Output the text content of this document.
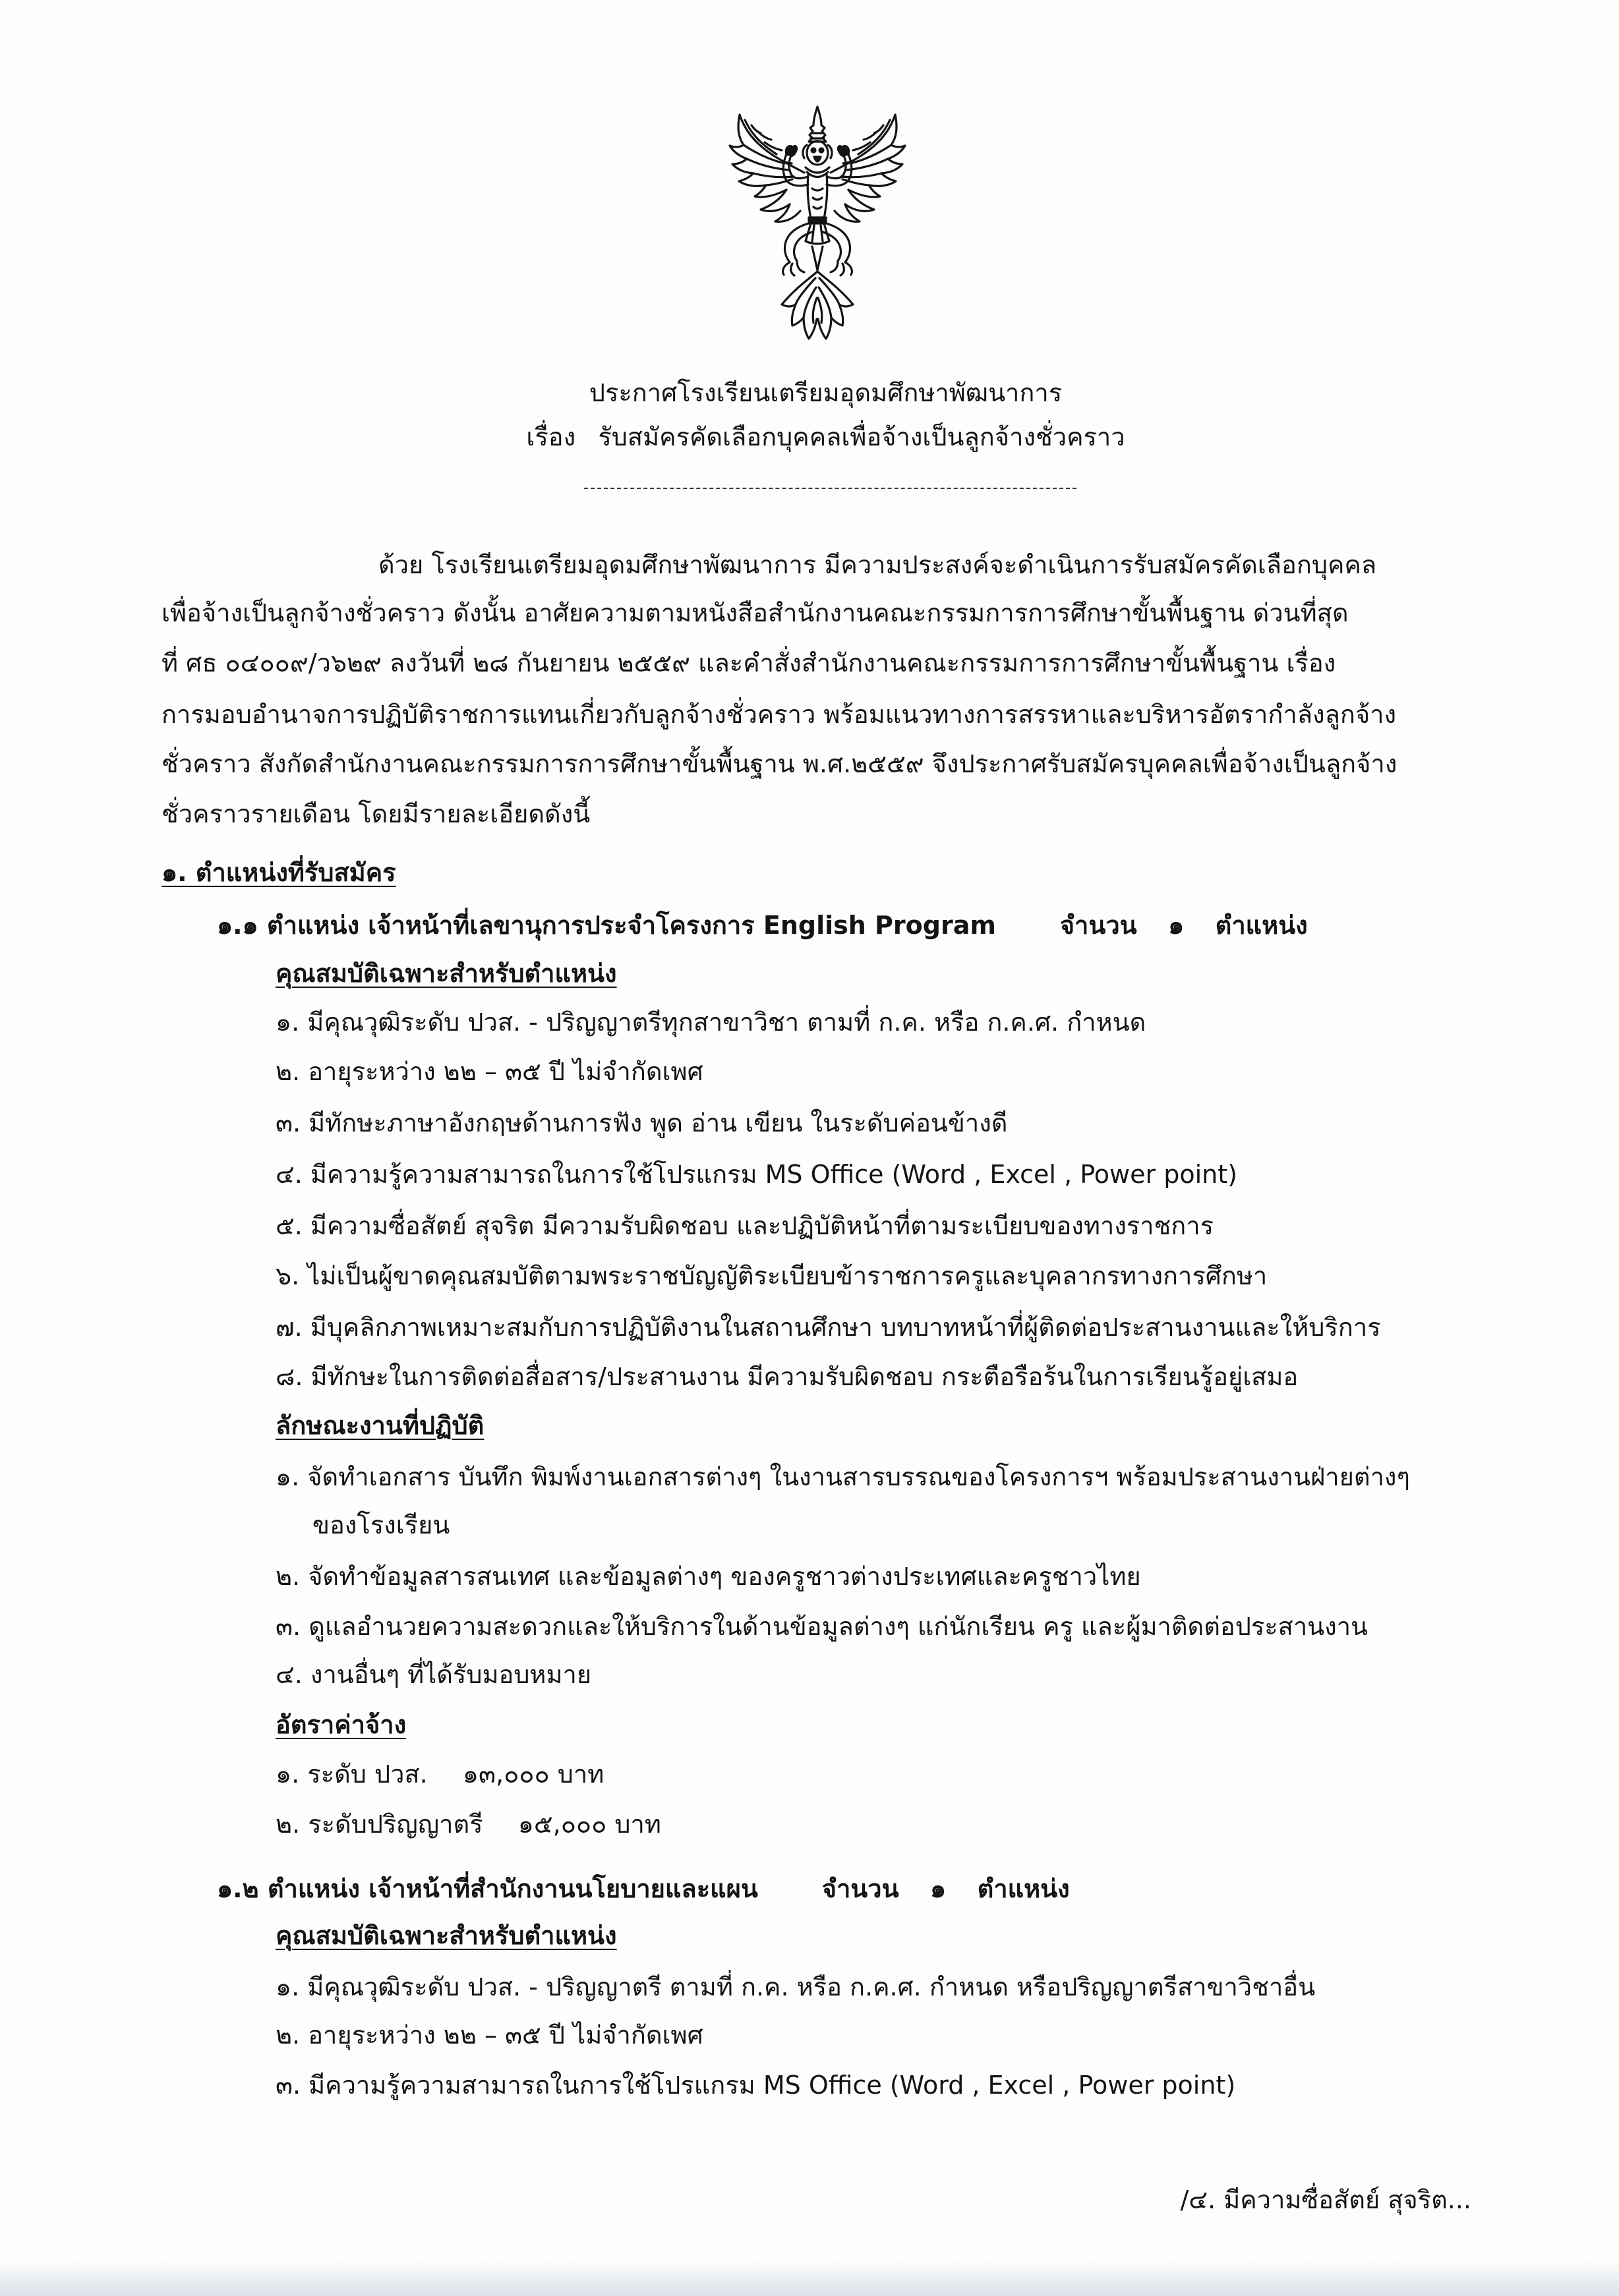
ประกาศโรงเรียนเตรียมอุดมศึกษาพัฒนาการ
เรื่อง รับสมัครคัดเลือกบุคคลเพื่อจ้างเป็นลูกจ้างชั่วคราว
ด้วย โรงเรียนเตรียมอุดมศึกษาพัฒนาการ มีความประสงค์จะดำเนินการรับสมัครคัดเลือกบุคคล
เพื่อจ้างเป็นลูกจ้างชั่วคราว ดังนั้น อาศัยความตามหนังสือสำนักงานคณะกรรมการการศึกษาขั้นพื้นฐาน ด่วนที่สุด
ที่ ศธ ๐๔๐๐๙/ว๖๒๙ ลงวันที่ ๒๘ กันยายน ๒๕๕๙ และคำสั่งสำนักงานคณะกรรมการการศึกษาขั้นพื้นฐาน เรื่อง
การมอบอำนาจการปฏิบัติราชการแทนเกี่ยวกับลูกจ้างชั่วคราว พร้อมแนวทางการสรรหาและบริหารอัตรากำลังลูกจ้าง
ชั่วคราว สังกัดสำนักงานคณะกรรมการการศึกษาขั้นพื้นฐาน พ.ศ.๒๕๕๙ จึงประกาศรับสมัครบุคคลเพื่อจ้างเป็นลูกจ้าง
ชั่วคราวรายเดือน โดยมีรายละเอียดดังนี้
๑. ตำแหน่งที่รับสมัคร
๑.๑ ตำแหน่ง เจ้าหน้าที่เลขานุการประจำโครงการ English Program	จำนวน ๑ ตำแหน่ง
คุณสมบัติเฉพาะสำหรับตำแหน่ง
๑. มีคุณวุฒิระดับ ปวส. - ปริญญาตรีทุกสาขาวิชา ตามที่ ก.ค. หรือ ก.ค.ศ. กำหนด
๒. อายุระหว่าง ๒๒ – ๓๕ ปี ไม่จำกัดเพศ
๓. มีทักษะภาษาอังกฤษด้านการฟัง พูด อ่าน เขียน ในระดับค่อนข้างดี
๔. มีความรู้ความสามารถในการใช้โปรแกรม MS Office (Word , Excel , Power point)
๕. มีความซื่อสัตย์ สุจริต มีความรับผิดชอบ และปฏิบัติหน้าที่ตามระเบียบของทางราชการ
๖. ไม่เป็นผู้ขาดคุณสมบัติตามพระราชบัญญัติระเบียบข้าราชการครูและบุคลากรทางการศึกษา
๗. มีบุคลิกภาพเหมาะสมกับการปฏิบัติงานในสถานศึกษา บทบาทหน้าที่ผู้ติดต่อประสานงานและให้บริการ
๘. มีทักษะในการติดต่อสื่อสาร/ประสานงาน มีความรับผิดชอบ กระตือรือร้นในการเรียนรู้อยู่เสมอ
ลักษณะงานที่ปฏิบัติ
๑. จัดทำเอกสาร บันทึก พิมพ์งานเอกสารต่างๆ ในงานสารบรรณของโครงการฯ พร้อมประสานงานฝ่ายต่างๆ
ของโรงเรียน
๒. จัดทำข้อมูลสารสนเทศ และข้อมูลต่างๆ ของครูชาวต่างประเทศและครูชาวไทย
๓. ดูแลอำนวยความสะดวกและให้บริการในด้านข้อมูลต่างๆ แก่นักเรียน ครู และผู้มาติดต่อประสานงาน
๔. งานอื่นๆ ที่ได้รับมอบหมาย
อัตราค่าจ้าง
๑. ระดับ ปวส. ๑๓,๐๐๐ บาท
๒. ระดับปริญญาตรี ๑๕,๐๐๐ บาท
๑.๒ ตำแหน่ง เจ้าหน้าที่สำนักงานนโยบายและแผน	จำนวน ๑ ตำแหน่ง
คุณสมบัติเฉพาะสำหรับตำแหน่ง
๑. มีคุณวุฒิระดับ ปวส. - ปริญญาตรี ตามที่ ก.ค. หรือ ก.ค.ศ. กำหนด หรือปริญญาตรีสาขาวิชาอื่น
๒. อายุระหว่าง ๒๒ – ๓๕ ปี ไม่จำกัดเพศ
๓. มีความรู้ความสามารถในการใช้โปรแกรม MS Office (Word , Excel , Power point)
/๔. มีความซื่อสัตย์ สุจริต...
